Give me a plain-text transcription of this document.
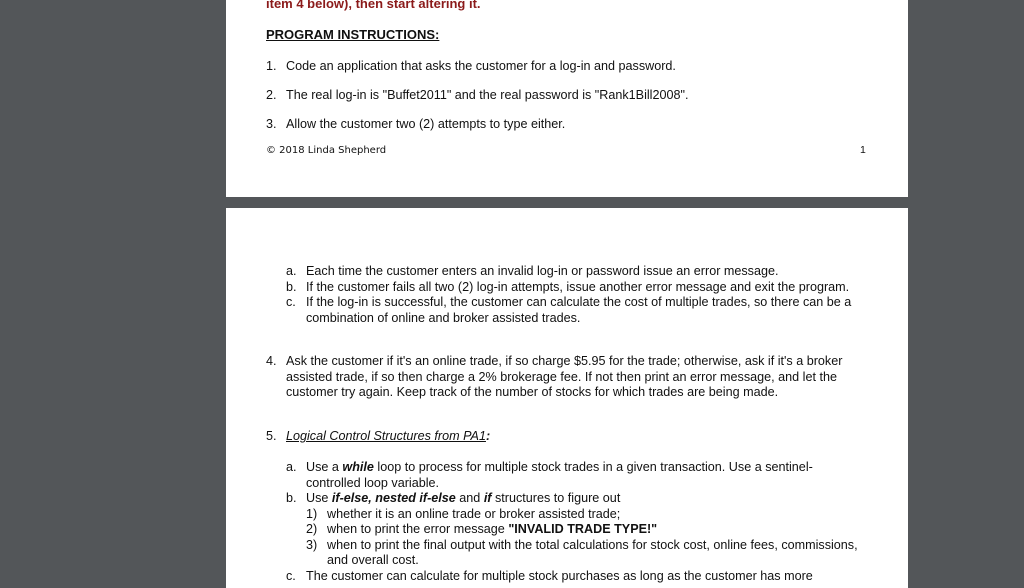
item 4 below), then start altering it.
PROGRAM INSTRUCTIONS:
1. Code an application that asks the customer for a log-in and password.
2. The real log-in is "Buffet2011" and the real password is "Rank1Bill2008".
3. Allow the customer two (2) attempts to type either.
© 2018 Linda Shepherd	1
a. Each time the customer enters an invalid log-in or password issue an error message.
b. If the customer fails all two (2) log-in attempts, issue another error message and exit the program.
c. If the log-in is successful, the customer can calculate the cost of multiple trades, so there can be a combination of online and broker assisted trades.
4. Ask the customer if it's an online trade, if so charge $5.95 for the trade; otherwise, ask if it's a broker assisted trade, if so then charge a 2% brokerage fee. If not then print an error message, and let the customer try again. Keep track of the number of stocks for which trades are being made.
5. Logical Control Structures from PA1:
a. Use a while loop to process for multiple stock trades in a given transaction. Use a sentinel-controlled loop variable.
b. Use if-else, nested if-else and if structures to figure out
1) whether it is an online trade or broker assisted trade;
2) when to print the error message "INVALID TRADE TYPE!"
3) when to print the final output with the total calculations for stock cost, online fees, commissions, and overall cost.
c. The customer can calculate for multiple stock purchases as long as the customer has more
